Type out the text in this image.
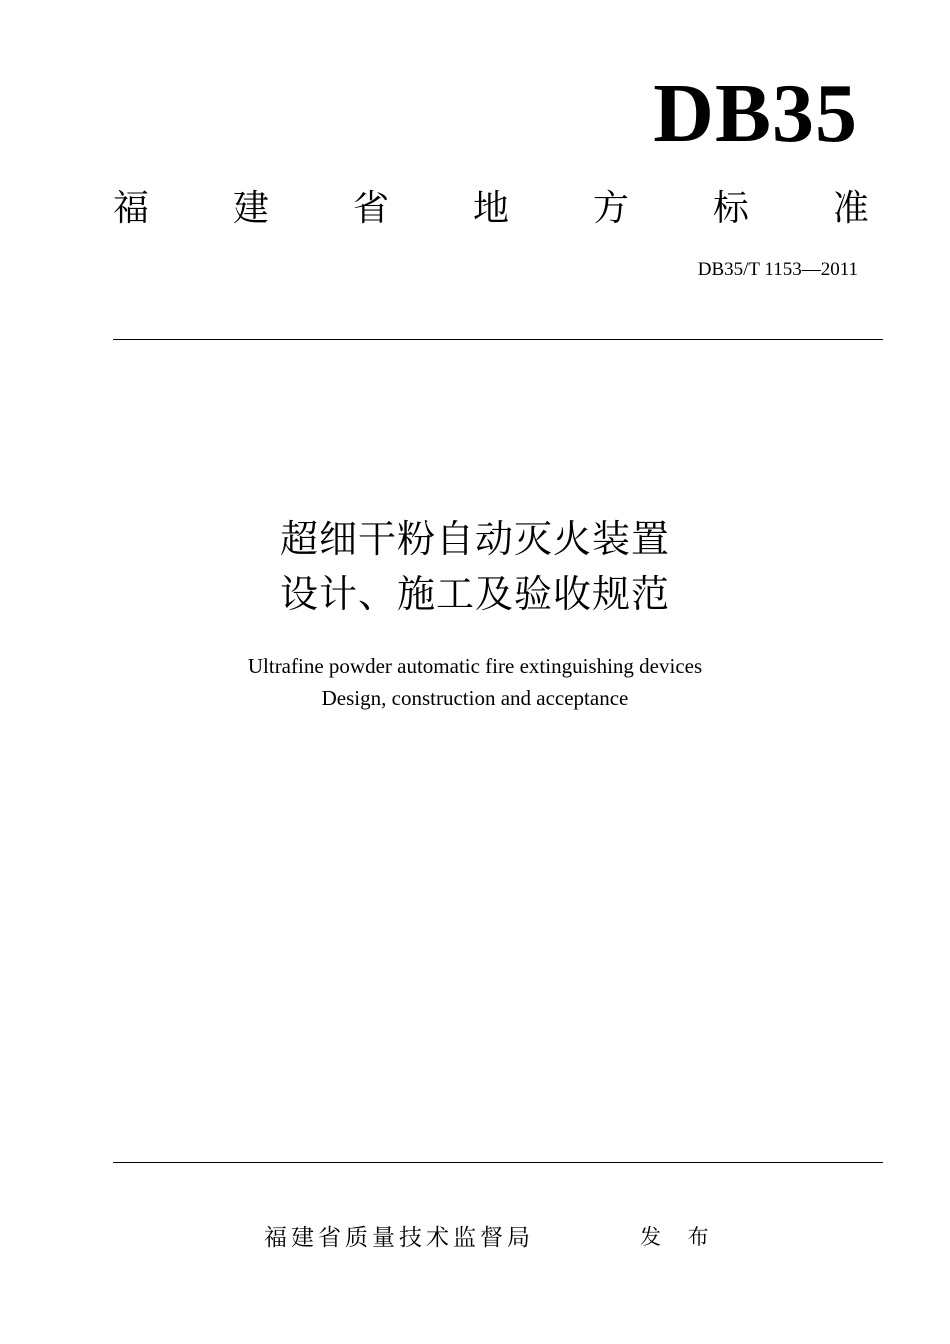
DB35
福 建 省 地 方 标 准
DB35/T 1153—2011
超细干粉自动灭火装置
设计、施工及验收规范
Ultrafine powder automatic fire extinguishing devices
Design, construction and acceptance
福建省质量技术监督局	发 布
